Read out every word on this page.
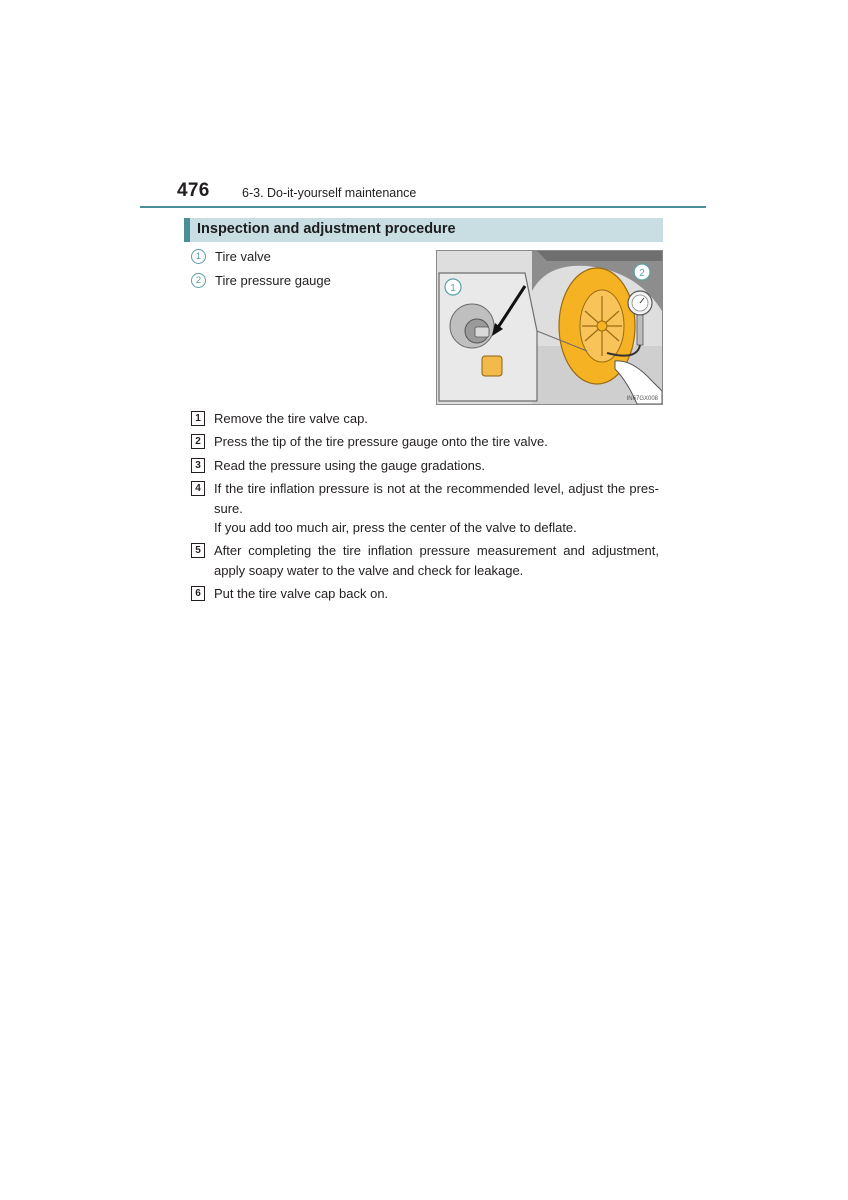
476	6-3. Do-it-yourself maintenance
Inspection and adjustment procedure
1	Tire valve
2	Tire pressure gauge
1
2
IN67GX008
1	Remove the tire valve cap.

2	Press the tip of the tire pressure gauge onto the tire valve.

3	Read the pressure using the gauge gradations.

4	If the tire inflation pressure is not at the recommended level, adjust the pres-sure.

If you add too much air, press the center of the valve to deflate.

5	After completing the tire inflation pressure measurement and adjustment, apply soapy water to the valve and check for leakage.

6	Put the tire valve cap back on.
